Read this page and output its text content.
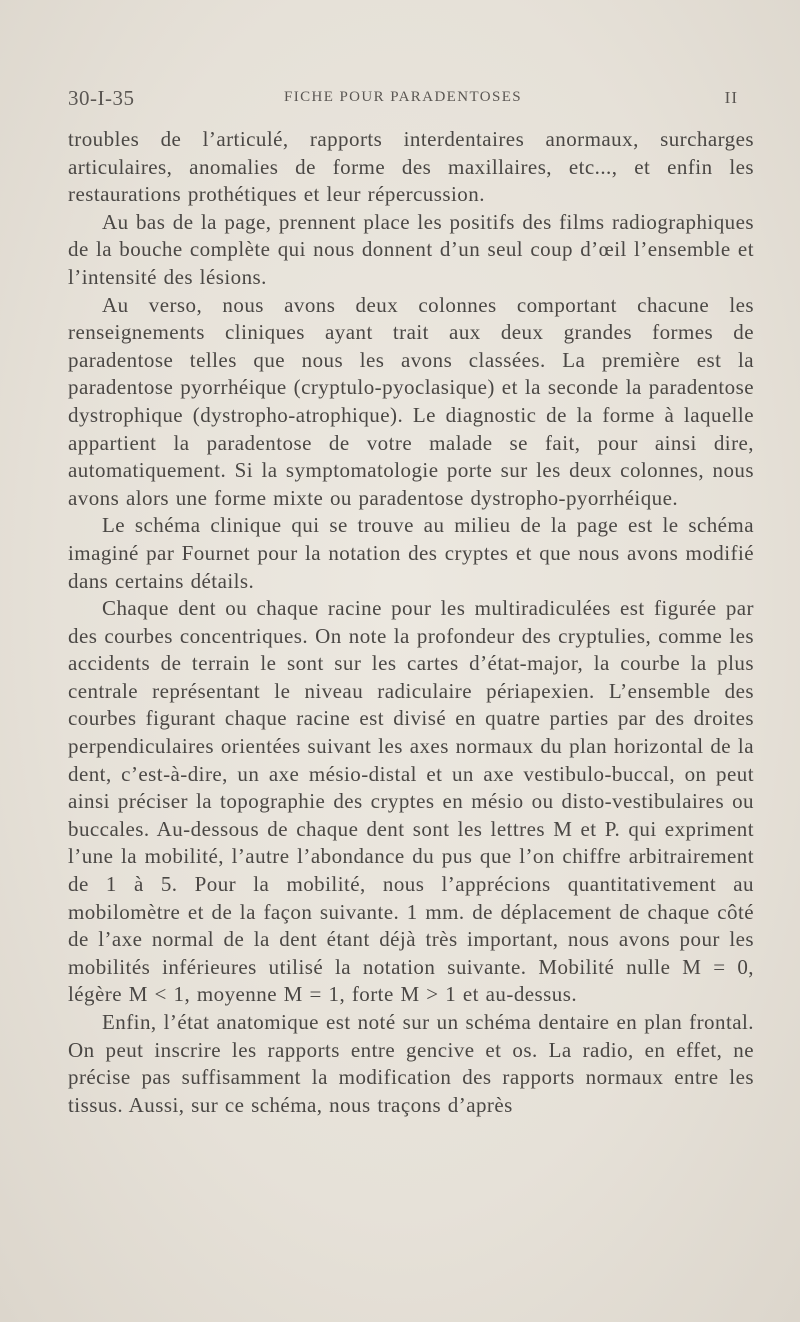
30-I-35	FICHE POUR PARADENTOSES	II

troubles de l’articulé, rapports interdentaires anormaux, surcharges articulaires, anomalies de forme des maxillaires, etc..., et enfin les restaurations prothétiques et leur répercussion.

Au bas de la page, prennent place les positifs des films radiographiques de la bouche complète qui nous donnent d’un seul coup d’œil l’ensemble et l’intensité des lésions.

Au verso, nous avons deux colonnes comportant chacune les renseignements cliniques ayant trait aux deux grandes formes de paradentose telles que nous les avons classées. La première est la paradentose pyorrhéique (cryptulo-pyoclasique) et la seconde la paradentose dystrophique (dystropho-atrophique). Le diagnostic de la forme à laquelle appartient la paradentose de votre malade se fait, pour ainsi dire, automatiquement. Si la symptomatologie porte sur les deux colonnes, nous avons alors une forme mixte ou paradentose dystropho-pyorrhéique.

Le schéma clinique qui se trouve au milieu de la page est le schéma imaginé par Fournet pour la notation des cryptes et que nous avons modifié dans certains détails.

Chaque dent ou chaque racine pour les multiradiculées est figurée par des courbes concentriques. On note la profondeur des cryptulies, comme les accidents de terrain le sont sur les cartes d’état-major, la courbe la plus centrale représentant le niveau radiculaire périapexien. L’ensemble des courbes figurant chaque racine est divisé en quatre parties par des droites perpendiculaires orientées suivant les axes normaux du plan horizontal de la dent, c’est-à-dire, un axe mésio-distal et un axe vestibulo-buccal, on peut ainsi préciser la topographie des cryptes en mésio ou disto-vestibulaires ou buccales. Au-dessous de chaque dent sont les lettres M et P. qui expriment l’une la mobilité, l’autre l’abondance du pus que l’on chiffre arbitrairement de 1 à 5. Pour la mobilité, nous l’apprécions quantitativement au mobilomètre et de la façon suivante. 1 mm. de déplacement de chaque côté de l’axe normal de la dent étant déjà très important, nous avons pour les mobilités inférieures utilisé la notation suivante. Mobilité nulle M = 0, légère M < 1, moyenne M = 1, forte M > 1 et au-dessus.

Enfin, l’état anatomique est noté sur un schéma dentaire en plan frontal. On peut inscrire les rapports entre gencive et os. La radio, en effet, ne précise pas suffisamment la modification des rapports normaux entre les tissus. Aussi, sur ce schéma, nous traçons d’après
